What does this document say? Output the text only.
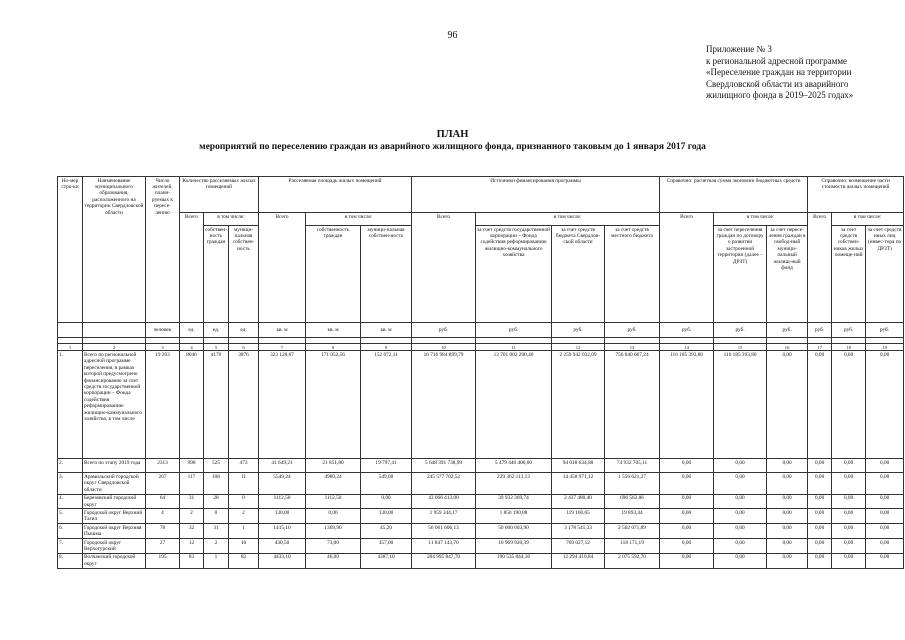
96
Приложение № 3
к региональной адресной программе
«Переселение граждан на территории
Свердловской области из аварийного
жилищного фонда в 2019–2025 годах»
ПЛАН
мероприятий по переселению граждан из аварийного жилищного фонда, признанного таковым до 1 января 2017 года
Но-мер стро-ки	Наименование муниципального образования, расположенного на территории Свердловской области	Число жителей, плани-руемых к пересе-лению	Количество расселяемых жилых помещений			Расселяемая площадь жилых помещений			Источники финансирования программы				Справочно: расчетная сумма экономии бюджетных средств			Справочно: возмещение части стоимости жилых помещений		
			Всего	в том числе:		Всего	в том числе:		Всего	в том числе:			Всего	в том числе:		Всего	в том числе:	
				собствен-ность граждан	муници-пальная собствен-ность		собственность граждан	муници-пальная собствен-ность		за счет средств государственной корпорации – Фонда содействия реформированию жилищно-коммунального хозяйства	за счет средств бюджета Свердлов-ской области	за счет средств местного бюджета		за счет переселения граждан по договору о развитии застроенной территории (далее – ДРЗТ)	за счет пересе-ления граждан в свобод-ный муници-пальный жилищ-ный фонд		за счет средств собствен-ников жилых помеще-ний	за счет средств иных лиц (инвес-тора по ДРЗТ)
		человек	ед.	ед.	ед.	кв. м	кв. м	кв. м	руб.	руб.	руб.	руб.	руб.	руб.	руб.	руб.	руб.	руб.

1	2	3	4	5	6	7	8	9	10	11	12	13	14	15	16	17	18	19
1.	Всего по региональной адресной программе переселения, в рамках которой предусмотрено финансирование за счет средств государственной корпорации – Фонда содействия реформированию жилищно-коммунального хозяйства, в том числе	19 203	8046	4170	3876	323 128,67	171 052,56	152 072,11	16 716 984 899,79	13 701 002 200,46	2 259 942 032,09	756 040 667,24	116 185 393,80	116 185 393,80	0,00	0,00	0,00	0,00
2.	Всего по этапу 2019 года	2313	998	525	473	41 649,21	21 851,80	19 797,41	5 648 391 738,99	5 479 440 400,00	94 018 634,88	74 932 705,11	0,00	0,00	0,00	0,00	0,00	0,00
3.	Арамильский городской округ Свердловской области	207	117	106	11	5549,24	4980,24	549,00	245 577 702,52	229 362 113,13	14 458 971,12	1 556 621,27	0,00	0,00	0,00	0,00	0,00	0,00
4.	Березовский городской округ	64	31	28	0	1112,50	1112,50	0,00	43 066 413,00	39 932 369,74	2 437 480,40	696 562,86	0,00	0,00	0,00	0,00	0,00	0,00
5.	Городской округ Верхний Тагил	4	2	0	2	130,00	0,00	130,00	1 959 344,17	1 850 190,08	119 160,65	19 893,44	0,00	0,00	0,00	0,00	0,00	0,00
6.	Городской округ Верхняя Пышма	78	32	31	1	1415,10	1369,90	45,20	56 061 606,13	50 000 003,90	3 178 541,33	2 502 071,89	0,00	0,00	0,00	0,00	0,00	0,00
7.	Городской округ Верхотурский	27	12	2	10	430,50	73,00	357,00	11 847 143,70	10 969 920,39	769 027,12	118 171,19	0,00	0,00	0,00	0,00	0,00	0,00
8.	Волчанский городской округ	195	83	1	82	4433,10	46,00	4387,10	204 995 847,70	190 535 844,16	12 294 410,84	2 075 592,70	0,00	0,00	0,00	0,00	0,00	0,00
